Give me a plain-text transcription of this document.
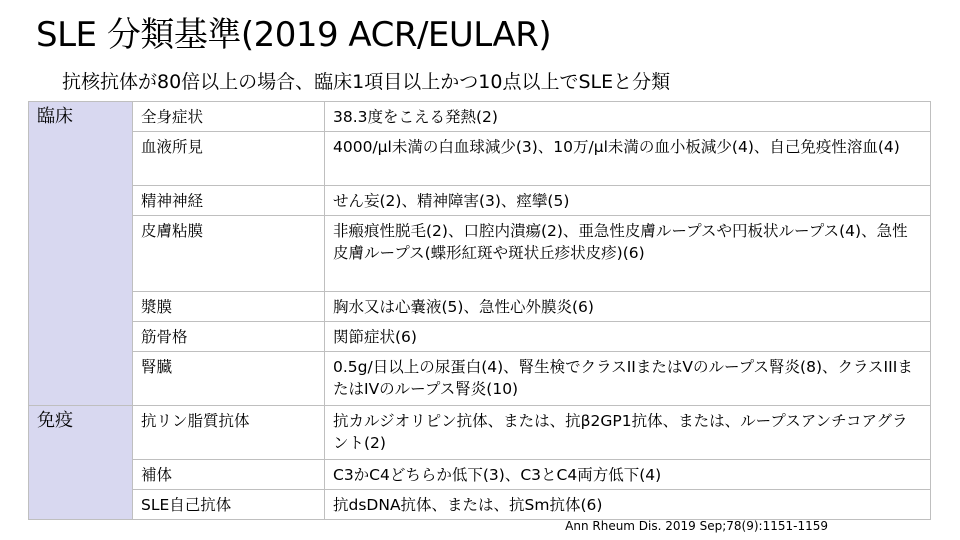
SLE 分類基準(2019 ACR/EULAR)
抗核抗体が80倍以上の場合、臨床1項目以上かつ10点以上でSLEと分類
臨床	全身症状	38.3度をこえる発熱(2)
	血液所見	4000/μl未満の白血球減少(3)、10万/μl未満の血小板減少(4)、自己免疫性溶血(4)
	精神神経	せん妄(2)、精神障害(3)、痙攣(5)
	皮膚粘膜	非瘢痕性脱毛(2)、口腔内潰瘍(2)、亜急性皮膚ループスや円板状ループス(4)、急性皮膚ループス(蝶形紅斑や斑状丘疹状皮疹)(6)
	漿膜	胸水又は心嚢液(5)、急性心外膜炎(6)
	筋骨格	関節症状(6)
	腎臓	0.5g/日以上の尿蛋白(4)、腎生検でクラスIIまたはVのループス腎炎(8)、クラスIIIまたはIVのループス腎炎(10)
免疫	抗リン脂質抗体	抗カルジオリピン抗体、または、抗β2GP1抗体、または、ループスアンチコアグラント(2)
	補体	C3かC4どちらか低下(3)、C3とC4両方低下(4)
	SLE自己抗体	抗dsDNA抗体、または、抗Sm抗体(6)
Ann Rheum Dis. 2019 Sep;78(9):1151-1159
